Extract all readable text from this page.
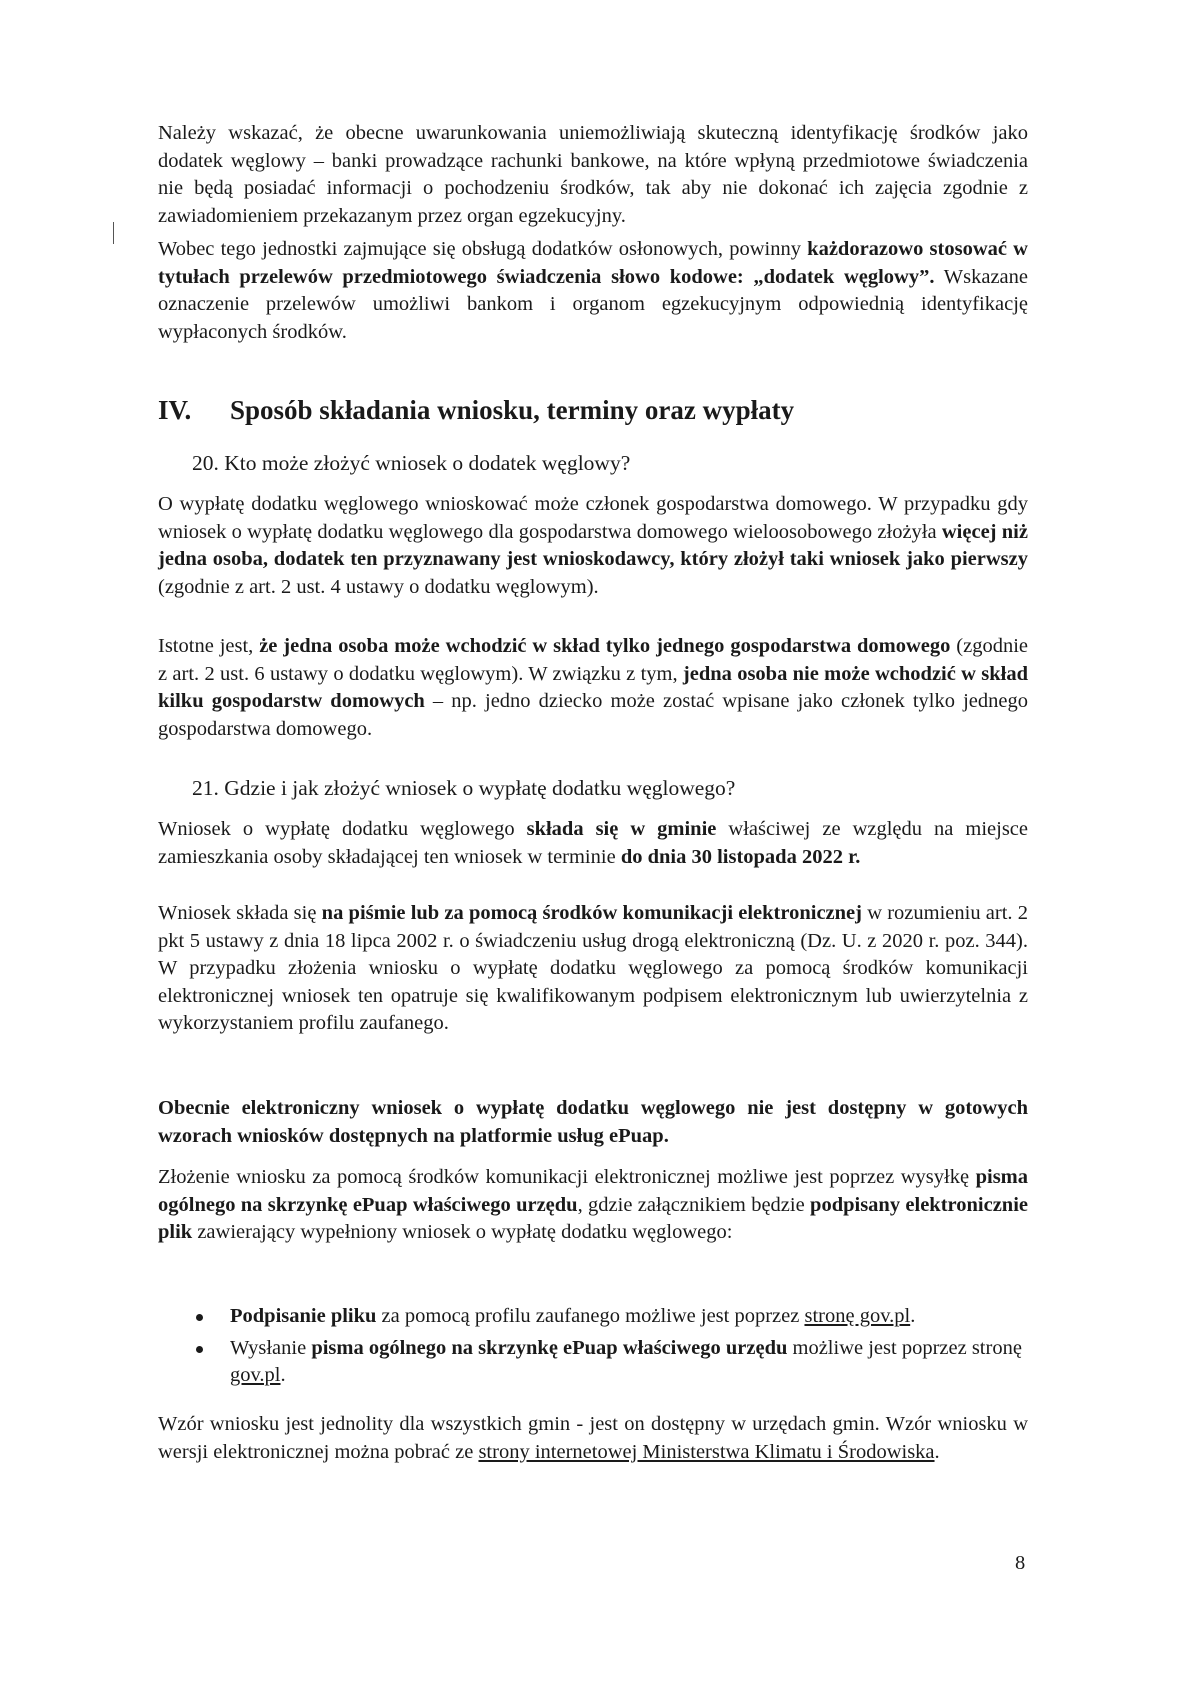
Należy wskazać, że obecne uwarunkowania uniemożliwiają skuteczną identyfikację środków jako dodatek węglowy – banki prowadzące rachunki bankowe, na które wpłyną przedmiotowe świadczenia nie będą posiadać informacji o pochodzeniu środków, tak aby nie dokonać ich zajęcia zgodnie z zawiadomieniem przekazanym przez organ egzekucyjny.

Wobec tego jednostki zajmujące się obsługą dodatków osłonowych, powinny każdorazowo stosować w tytułach przelewów przedmiotowego świadczenia słowo kodowe: „dodatek węglowy”. Wskazane oznaczenie przelewów umożliwi bankom i organom egzekucyjnym odpowiednią identyfikację wypłaconych środków.

IV. Sposób składania wniosku, terminy oraz wypłaty
20. Kto może złożyć wniosek o dodatek węglowy?

O wypłatę dodatku węglowego wnioskować może członek gospodarstwa domowego. W przypadku gdy wniosek o wypłatę dodatku węglowego dla gospodarstwa domowego wieloosobowego złożyła więcej niż jedna osoba, dodatek ten przyznawany jest wnioskodawcy, który złożył taki wniosek jako pierwszy (zgodnie z art. 2 ust. 4 ustawy o dodatku węglowym).

Istotne jest, że jedna osoba może wchodzić w skład tylko jednego gospodarstwa domowego (zgodnie z art. 2 ust. 6 ustawy o dodatku węglowym). W związku z tym, jedna osoba nie może wchodzić w skład kilku gospodarstw domowych – np. jedno dziecko może zostać wpisane jako członek tylko jednego gospodarstwa domowego.

21. Gdzie i jak złożyć wniosek o wypłatę dodatku węglowego?

Wniosek o wypłatę dodatku węglowego składa się w gminie właściwej ze względu na miejsce zamieszkania osoby składającej ten wniosek w terminie do dnia 30 listopada 2022 r.

Wniosek składa się na piśmie lub za pomocą środków komunikacji elektronicznej w rozumieniu art. 2 pkt 5 ustawy z dnia 18 lipca 2002 r. o świadczeniu usług drogą elektroniczną (Dz. U. z 2020 r. poz. 344). W przypadku złożenia wniosku o wypłatę dodatku węglowego za pomocą środków komunikacji elektronicznej wniosek ten opatruje się kwalifikowanym podpisem elektronicznym lub uwierzytelnia z wykorzystaniem profilu zaufanego.

Obecnie elektroniczny wniosek o wypłatę dodatku węglowego nie jest dostępny w gotowych wzorach wniosków dostępnych na platformie usług ePuap.

Złożenie wniosku za pomocą środków komunikacji elektronicznej możliwe jest poprzez wysyłkę pisma ogólnego na skrzynkę ePuap właściwego urzędu, gdzie załącznikiem będzie podpisany elektronicznie plik zawierający wypełniony wniosek o wypłatę dodatku węglowego:

Podpisanie pliku za pomocą profilu zaufanego możliwe jest poprzez stronę gov.pl.
Wysłanie pisma ogólnego na skrzynkę ePuap właściwego urzędu możliwe jest poprzez stronę gov.pl.

Wzór wniosku jest jednolity dla wszystkich gmin - jest on dostępny w urzędach gmin. Wzór wniosku w wersji elektronicznej można pobrać ze strony internetowej Ministerstwa Klimatu i Środowiska.

8
